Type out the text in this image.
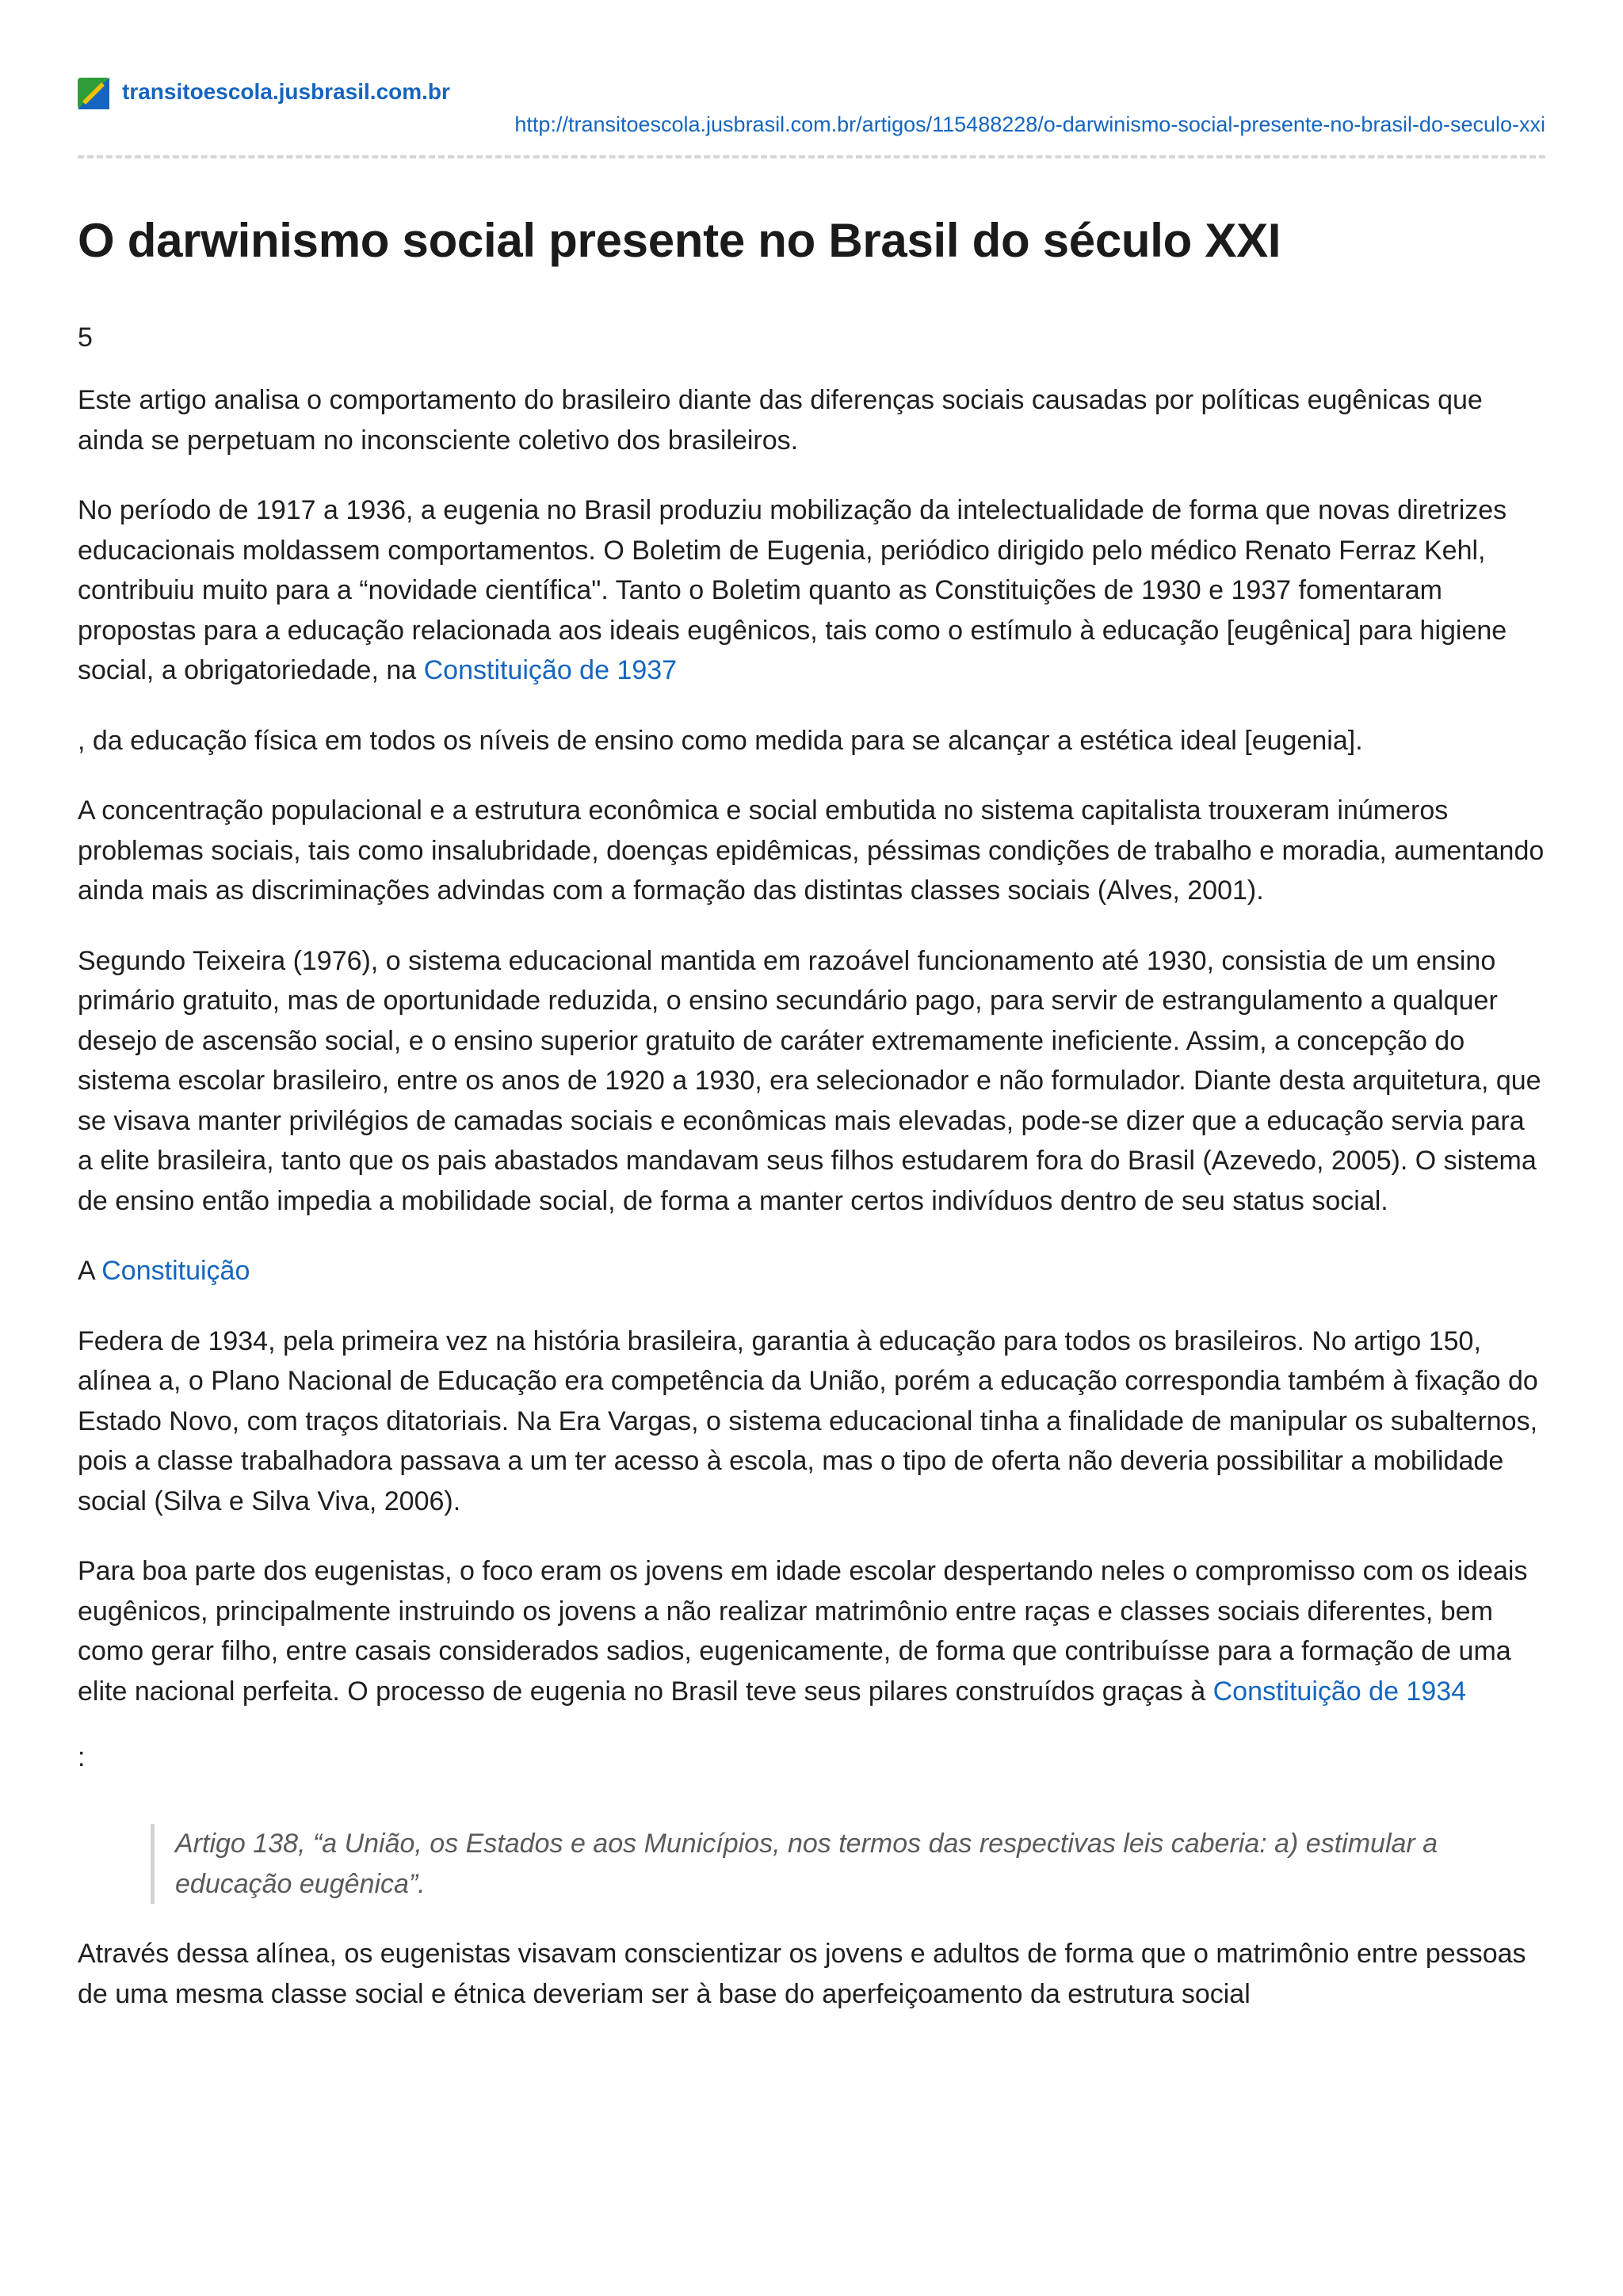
transitoescola.jusbrasil.com.br
http://transitoescola.jusbrasil.com.br/artigos/115488228/o-darwinismo-social-presente-no-brasil-do-seculo-xxi
O darwinismo social presente no Brasil do século XXI
5

Este artigo analisa o comportamento do brasileiro diante das diferenças sociais causadas por políticas eugênicas que ainda se perpetuam no inconsciente coletivo dos brasileiros.

No período de 1917 a 1936, a eugenia no Brasil produziu mobilização da intelectualidade de forma que novas diretrizes educacionais moldassem comportamentos. O Boletim de Eugenia, periódico dirigido pelo médico Renato Ferraz Kehl, contribuiu muito para a “novidade científica". Tanto o Boletim quanto as Constituições de 1930 e 1937 fomentaram propostas para a educação relacionada aos ideais eugênicos, tais como o estímulo à educação [eugênica] para higiene social, a obrigatoriedade, na Constituição de 1937

, da educação física em todos os níveis de ensino como medida para se alcançar a estética ideal [eugenia].

A concentração populacional e a estrutura econômica e social embutida no sistema capitalista trouxeram inúmeros problemas sociais, tais como insalubridade, doenças epidêmicas, péssimas condições de trabalho e moradia, aumentando ainda mais as discriminações advindas com a formação das distintas classes sociais (Alves, 2001).

Segundo Teixeira (1976), o sistema educacional mantida em razoável funcionamento até 1930, consistia de um ensino primário gratuito, mas de oportunidade reduzida, o ensino secundário pago, para servir de estrangulamento a qualquer desejo de ascensão social, e o ensino superior gratuito de caráter extremamente ineficiente. Assim, a concepção do sistema escolar brasileiro, entre os anos de 1920 a 1930, era selecionador e não formulador. Diante desta arquitetura, que se visava manter privilégios de camadas sociais e econômicas mais elevadas, pode-se dizer que a educação servia para a elite brasileira, tanto que os pais abastados mandavam seus filhos estudarem fora do Brasil (Azevedo, 2005). O sistema de ensino então impedia a mobilidade social, de forma a manter certos indivíduos dentro de seu status social.

A Constituição

Federa de 1934, pela primeira vez na história brasileira, garantia à educação para todos os brasileiros. No artigo 150, alínea a, o Plano Nacional de Educação era competência da União, porém a educação correspondia também à fixação do Estado Novo, com traços ditatoriais. Na Era Vargas, o sistema educacional tinha a finalidade de manipular os subalternos, pois a classe trabalhadora passava a um ter acesso à escola, mas o tipo de oferta não deveria possibilitar a mobilidade social (Silva e Silva Viva, 2006).

Para boa parte dos eugenistas, o foco eram os jovens em idade escolar despertando neles o compromisso com os ideais eugênicos, principalmente instruindo os jovens a não realizar matrimônio entre raças e classes sociais diferentes, bem como gerar filho, entre casais considerados sadios, eugenicamente, de forma que contribuísse para a formação de uma elite nacional perfeita. O processo de eugenia no Brasil teve seus pilares construídos graças à Constituição de 1934

:
Artigo 138, “a União, os Estados e aos Municípios, nos termos das respectivas leis caberia: a) estimular a educação eugênica”.

Através dessa alínea, os eugenistas visavam conscientizar os jovens e adultos de forma que o matrimônio entre pessoas de uma mesma classe social e étnica deveriam ser à base do aperfeiçoamento da estrutura social
